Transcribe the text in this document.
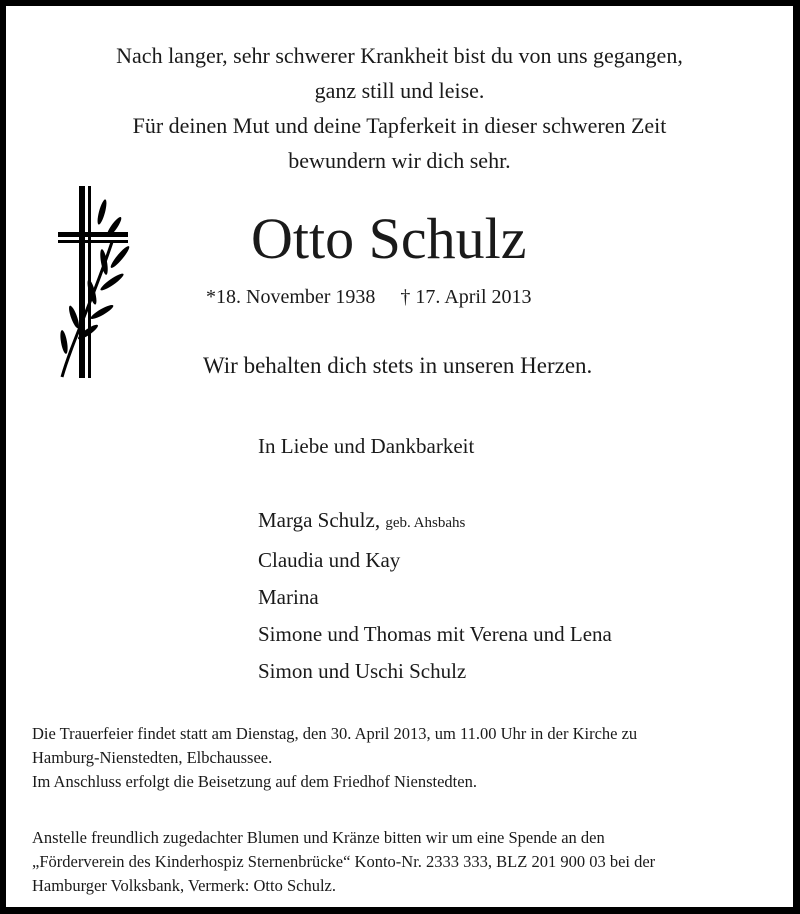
Nach langer, sehr schwerer Krankheit bist du von uns gegangen,
ganz still und leise.
Für deinen Mut und deine Tapferkeit in dieser schweren Zeit
bewundern wir dich sehr.
Otto Schulz
*18. November 1938 † 17. April 2013
Wir behalten dich stets in unseren Herzen.
In Liebe und Dankbarkeit
Marga Schulz, geb. Ahsbahs
Claudia und Kay
Marina
Simone und Thomas mit Verena und Lena
Simon und Uschi Schulz
Die Trauerfeier findet statt am Dienstag, den 30. April 2013, um 11.00 Uhr in der Kirche zu
Hamburg-Nienstedten, Elbchaussee.
Im Anschluss erfolgt die Beisetzung auf dem Friedhof Nienstedten.
Anstelle freundlich zugedachter Blumen und Kränze bitten wir um eine Spende an den
„Förderverein des Kinderhospiz Sternenbrücke“ Konto-Nr. 2333 333, BLZ 201 900 03 bei der
Hamburger Volksbank, Vermerk: Otto Schulz.
